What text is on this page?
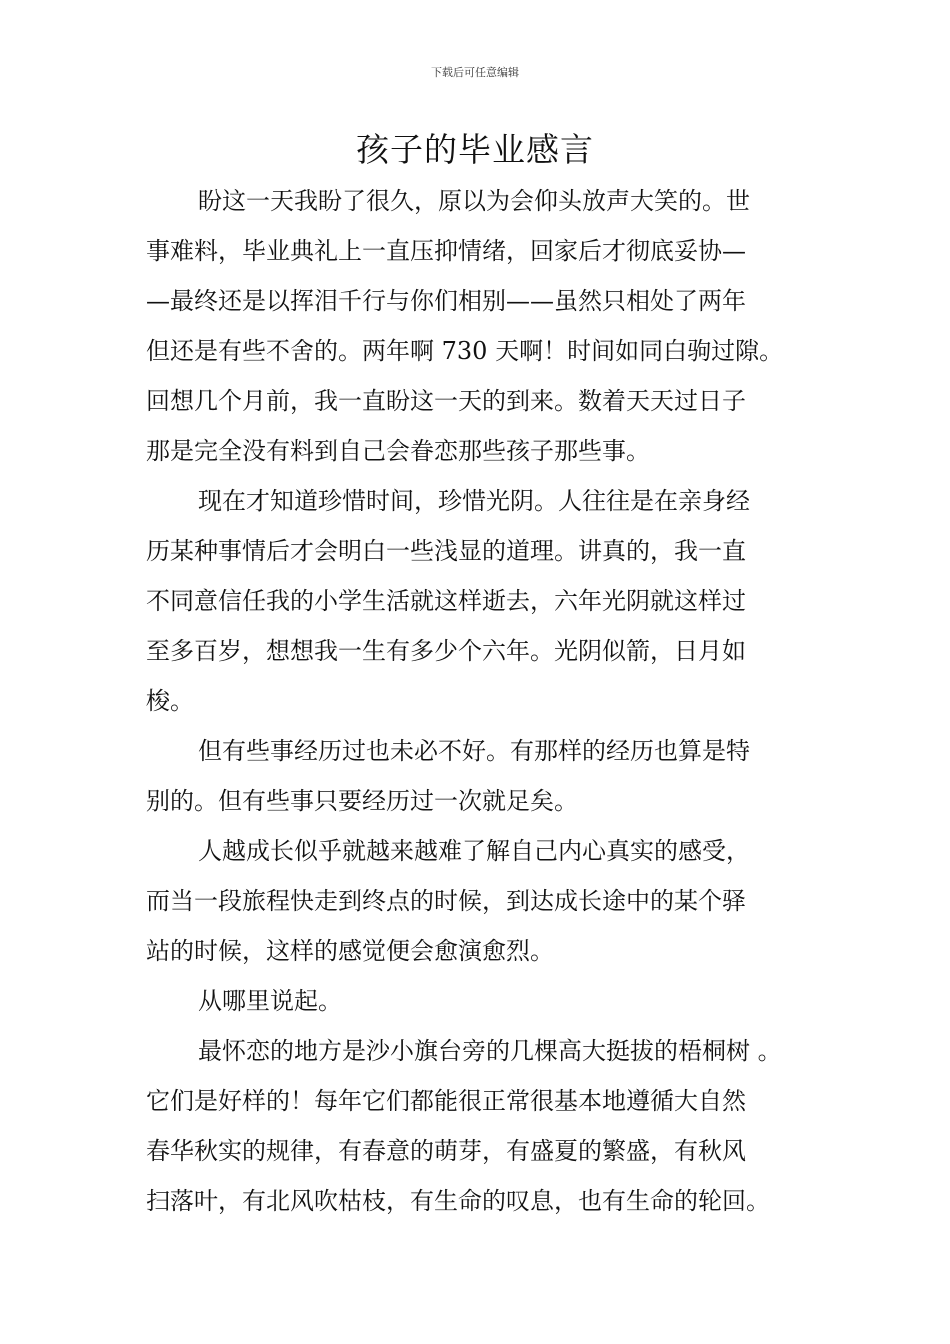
下载后可任意编辑
孩子的毕业感言
盼这一天我盼了很久，原以为会仰头放声大笑的。世
事难料，毕业典礼上一直压抑情绪，回家后才彻底妥协—
—最终还是以挥泪千行与你们相别——虽然只相处了两年
但还是有些不舍的。两年啊 730 天啊！时间如同白驹过隙。
回想几个月前，我一直盼这一天的到来。数着天天过日子
那是完全没有料到自己会眷恋那些孩子那些事。
现在才知道珍惜时间，珍惜光阴。人往往是在亲身经
历某种事情后才会明白一些浅显的道理。讲真的，我一直
不同意信任我的小学生活就这样逝去，六年光阴就这样过
至多百岁，想想我一生有多少个六年。光阴似箭，日月如
梭。
但有些事经历过也未必不好。有那样的经历也算是特
别的。但有些事只要经历过一次就足矣。
人越成长似乎就越来越难了解自己内心真实的感受，
而当一段旅程快走到终点的时候，到达成长途中的某个驿
站的时候，这样的感觉便会愈演愈烈。
从哪里说起。
最怀恋的地方是沙小旗台旁的几棵高大挺拔的梧桐树 。
它们是好样的！每年它们都能很正常很基本地遵循大自然
春华秋实的规律，有春意的萌芽，有盛夏的繁盛，有秋风
扫落叶，有北风吹枯枝，有生命的叹息，也有生命的轮回。
